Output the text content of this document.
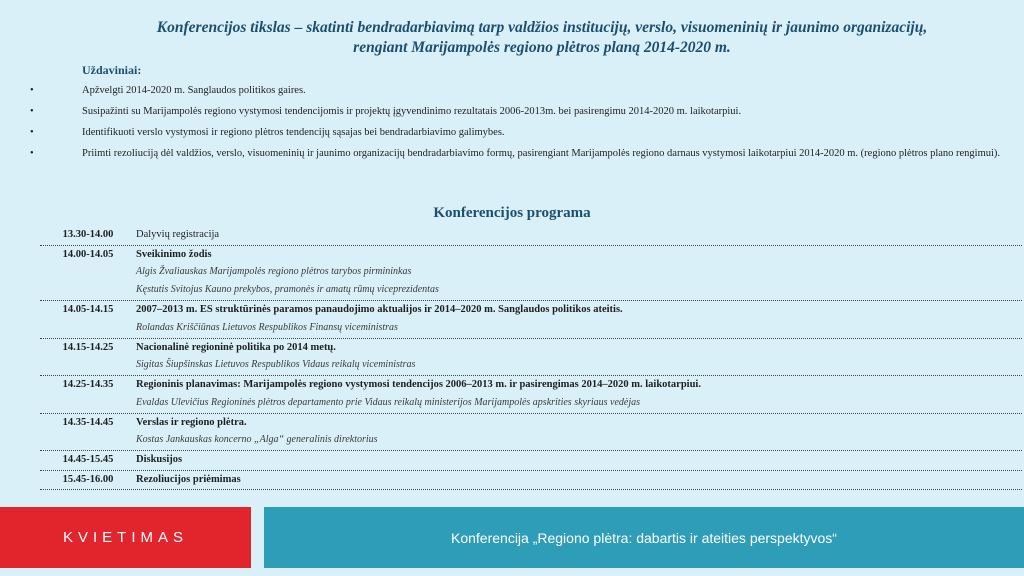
Konferencijos tikslas – skatinti bendradarbiavimą tarp valdžios institucijų, verslo, visuomeninių ir jaunimo organizacijų,
rengiant Marijampolės regiono plėtros planą 2014-2020 m.
Uždaviniai:
•	Apžvelgti 2014-2020 m. Sanglaudos politikos gaires.
•	Susipažinti su Marijampolės regiono vystymosi tendencijomis ir projektų įgyvendinimo rezultatais 2006-2013m. bei pasirengimu 2014-2020 m. laikotarpiui.
•	Identifikuoti verslo vystymosi ir regiono plėtros tendencijų sąsajas bei bendradarbiavimo galimybes.
•	Priimti rezoliuciją dėl valdžios, verslo, visuomeninių ir jaunimo organizacijų bendradarbiavimo formų, pasirengiant Marijampolės regiono darnaus vystymosi laikotarpiui 2014-2020 m. (regiono plėtros plano rengimui).
Konferencijos programa
13.30-14.00	Dalyvių registracija
14.00-14.05	Sveikinimo žodis
Algis Žvaliauskas Marijampolės regiono plėtros tarybos pirmininkas
Kęstutis Svitojus Kauno prekybos, pramonės ir amatų rūmų viceprezidentas
14.05-14.15	2007–2013 m. ES struktūrinės paramos panaudojimo aktualijos ir 2014–2020 m. Sanglaudos politikos ateitis.
Rolandas Kriščiūnas Lietuvos Respublikos Finansų viceministras
14.15-14.25	Nacionalinė regioninė politika po 2014 metų.
Sigitas Šiupšinskas Lietuvos Respublikos Vidaus reikalų viceministras
14.25-14.35	Regioninis planavimas: Marijampolės regiono vystymosi tendencijos 2006–2013 m. ir pasirengimas 2014–2020 m. laikotarpiui.
Evaldas Ulevičius Regioninės plėtros departamento prie Vidaus reikalų ministerijos Marijampolės apskrities skyriaus vedėjas
14.35-14.45	Verslas ir regiono plėtra.
Kostas Jankauskas koncerno „Alga“ generalinis direktorius
14.45-15.45	Diskusijos
15.45-16.00	Rezoliucijos priėmimas
KVIETIMAS	Konferencija „Regiono plėtra: dabartis ir ateities perspektyvos“
